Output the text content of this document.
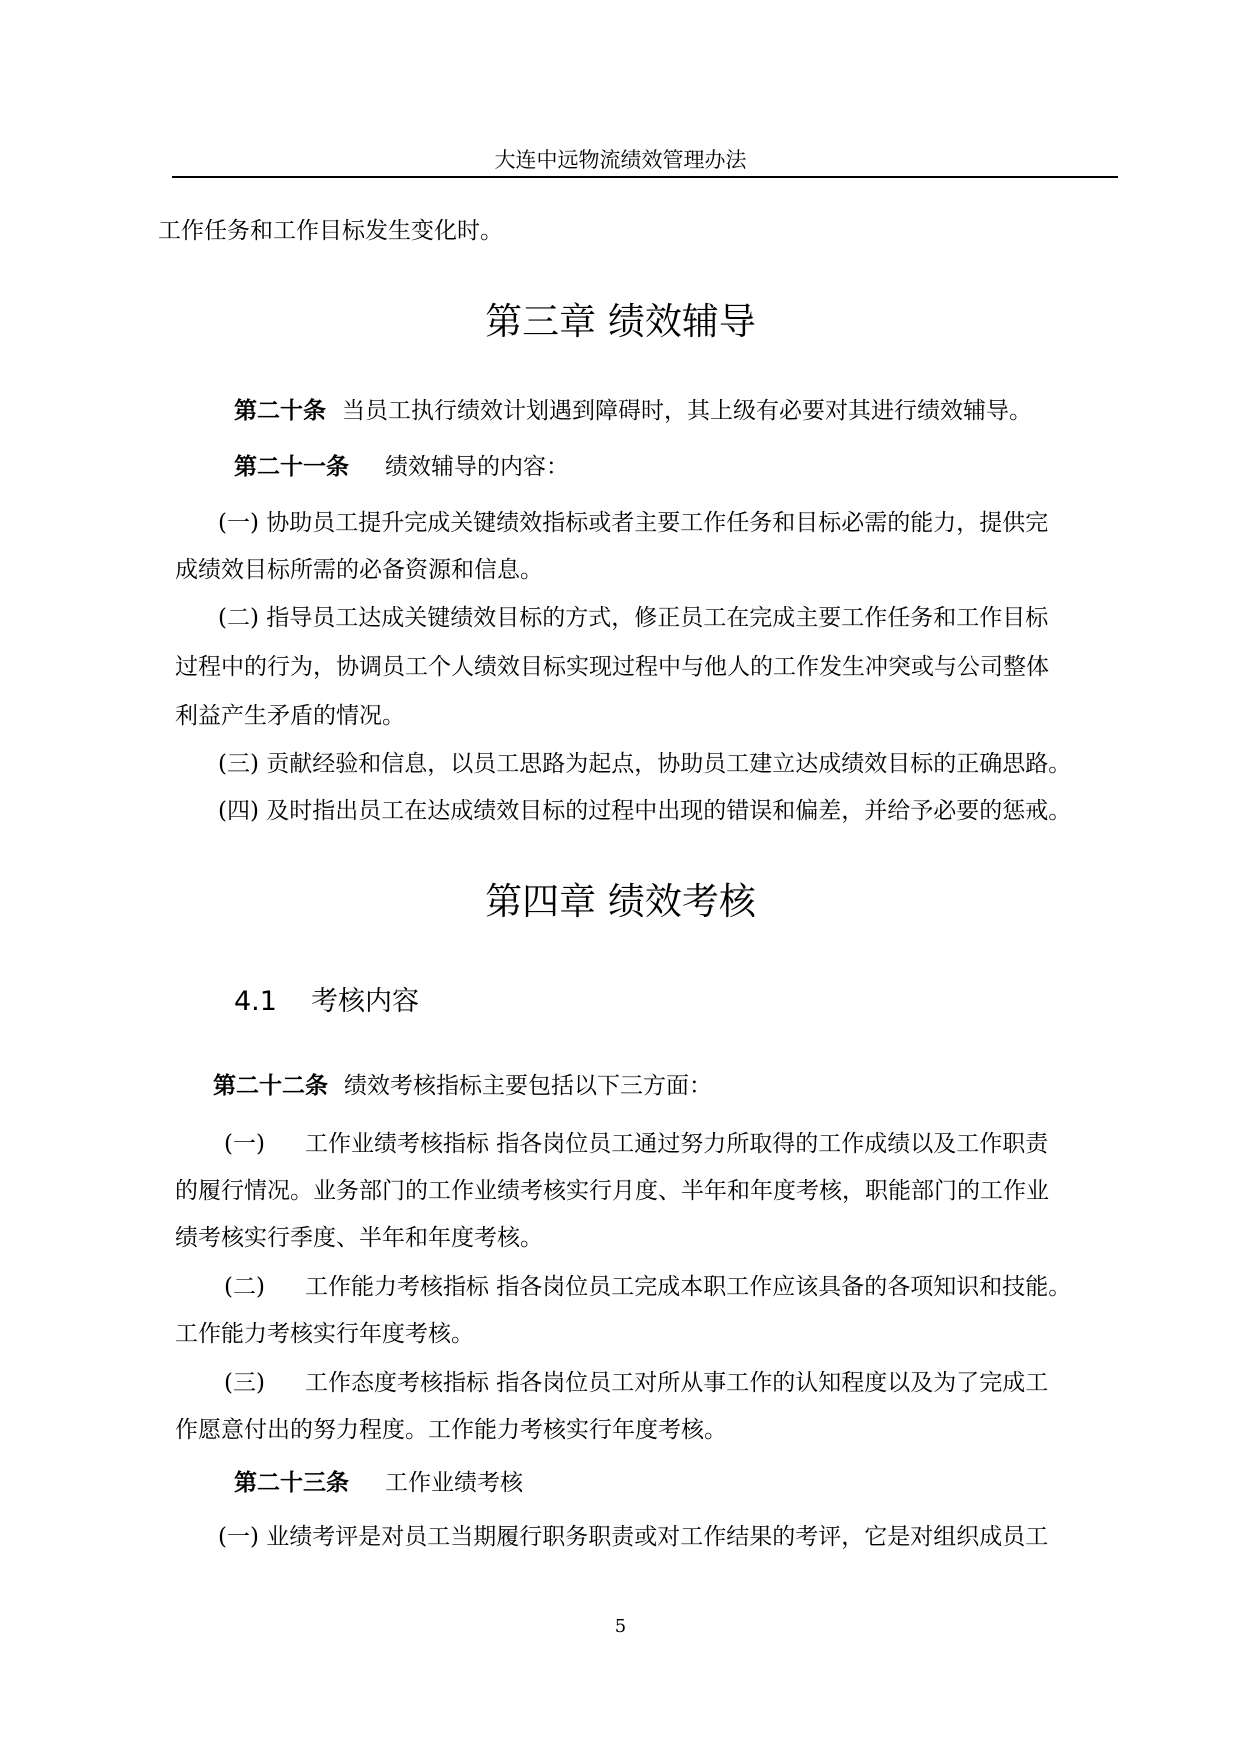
大连中远物流绩效管理办法
工作任务和工作目标发生变化时。
第三章 绩效辅导
第二十条 当员工执行绩效计划遇到障碍时，其上级有必要对其进行绩效辅导。
第二十一条 绩效辅导的内容：
(一) 协助员工提升完成关键绩效指标或者主要工作任务和目标必需的能力，提供完
成绩效目标所需的必备资源和信息。
(二) 指导员工达成关键绩效目标的方式，修正员工在完成主要工作任务和工作目标
过程中的行为，协调员工个人绩效目标实现过程中与他人的工作发生冲突或与公司整体
利益产生矛盾的情况。
(三) 贡献经验和信息，以员工思路为起点，协助员工建立达成绩效目标的正确思路。
(四) 及时指出员工在达成绩效目标的过程中出现的错误和偏差，并给予必要的惩戒。
第四章 绩效考核
4.1 考核内容
第二十二条 绩效考核指标主要包括以下三方面：
(一) 工作业绩考核指标 指各岗位员工通过努力所取得的工作成绩以及工作职责
的履行情况。业务部门的工作业绩考核实行月度、半年和年度考核，职能部门的工作业
绩考核实行季度、半年和年度考核。
(二) 工作能力考核指标 指各岗位员工完成本职工作应该具备的各项知识和技能。
工作能力考核实行年度考核。
(三) 工作态度考核指标 指各岗位员工对所从事工作的认知程度以及为了完成工
作愿意付出的努力程度。工作能力考核实行年度考核。
第二十三条 工作业绩考核
(一) 业绩考评是对员工当期履行职务职责或对工作结果的考评，它是对组织成员工
5
